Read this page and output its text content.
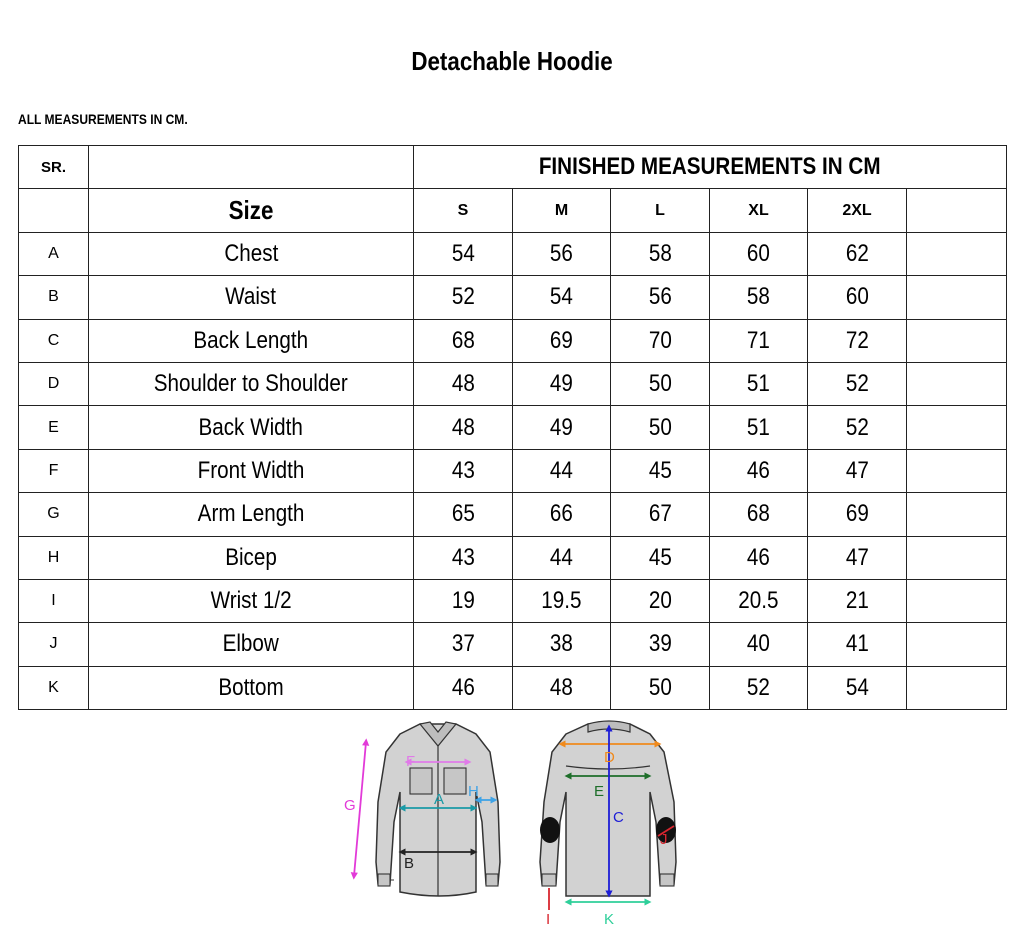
Detachable Hoodie
ALL MEASUREMENTS IN CM.
SR.		FINISHED MEASUREMENTS IN CM					
	Size	S	M	L	XL	2XL	
A	Chest	54	56	58	60	62	
B	Waist	52	54	56	58	60	
C	Back Length	68	69	70	71	72	
D	Shoulder to Shoulder	48	49	50	51	52	
E	Back Width	48	49	50	51	52	
F	Front Width	43	44	45	46	47	
G	Arm Length	65	66	67	68	69	
H	Bicep	43	44	45	46	47	
I	Wrist 1/2	19	19.5	20	20.5	21	
J	Elbow	37	38	39	40	41	
K	Bottom	46	48	50	52	54	
F
A H
G
B
D
E
C
J
I	K
